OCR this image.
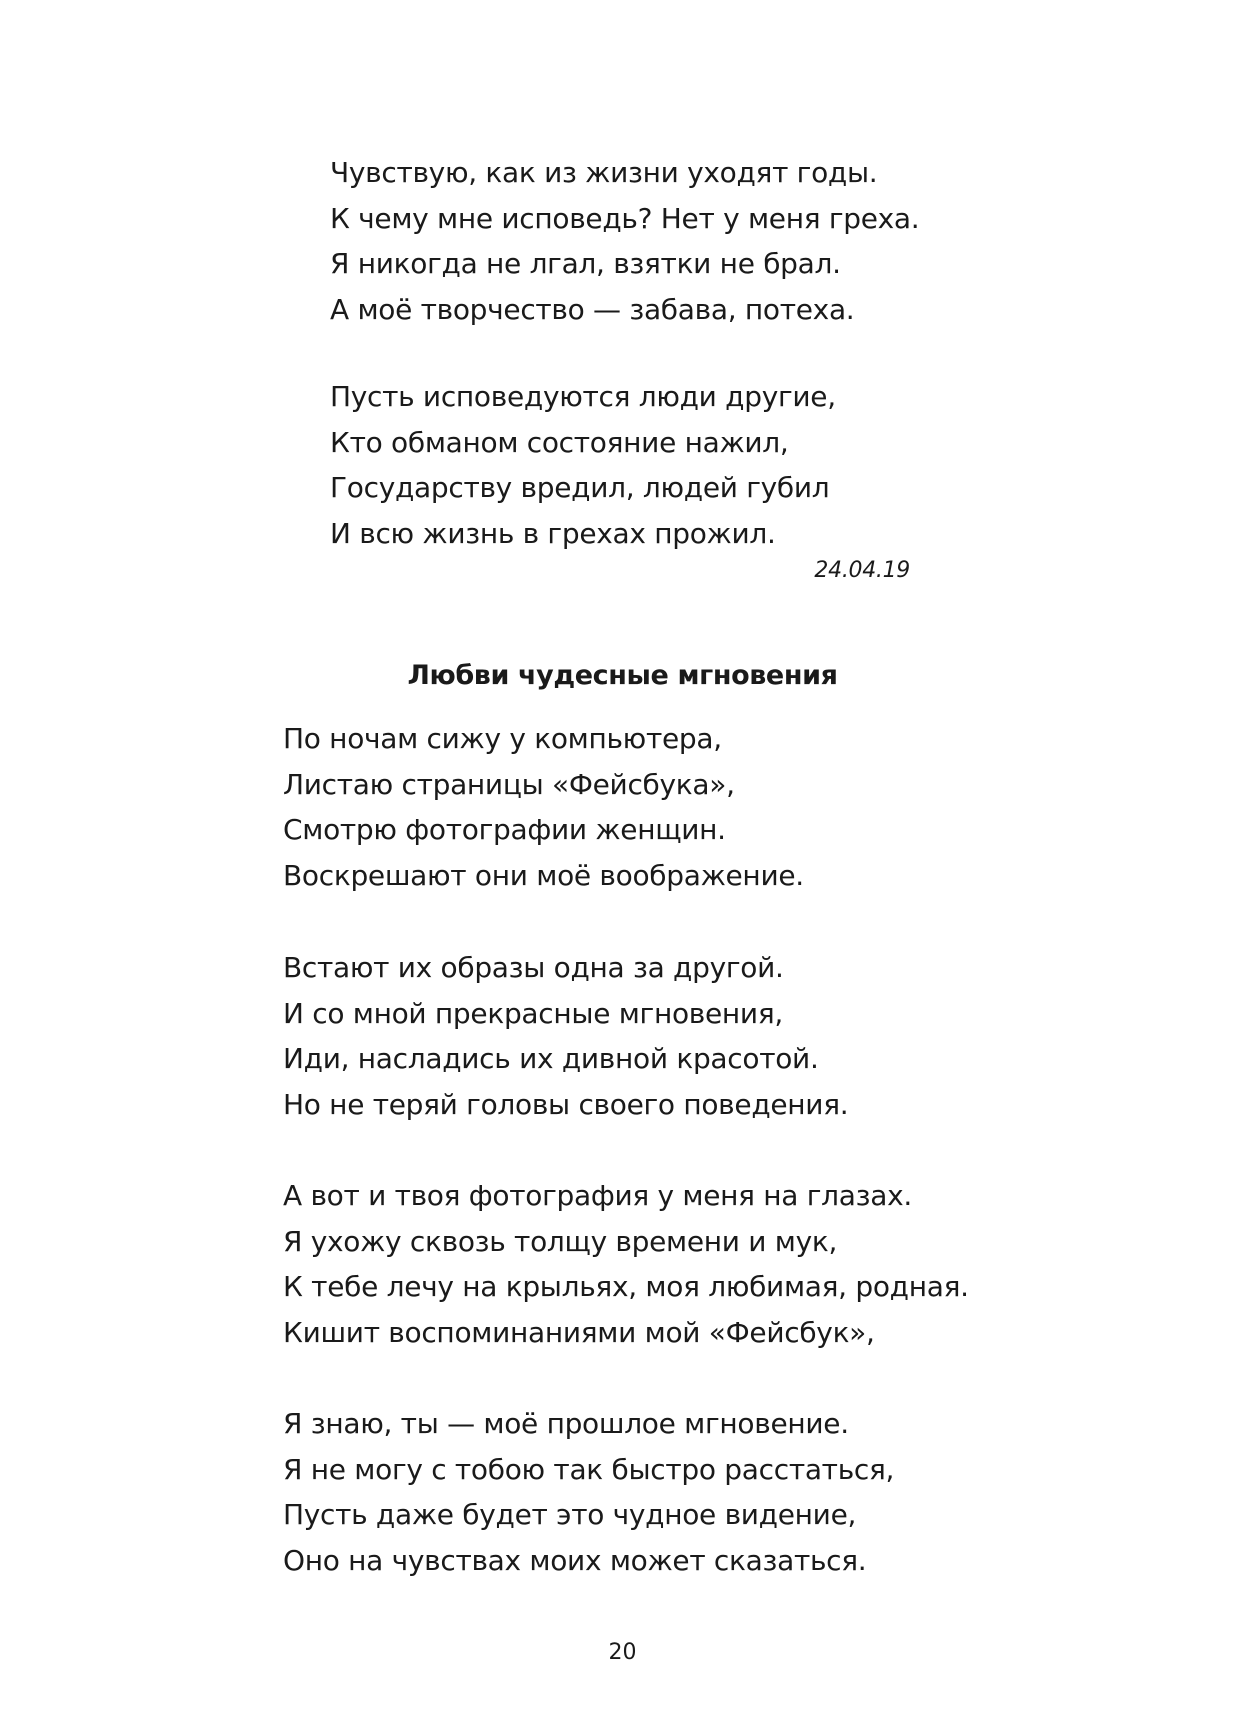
Чувствую, как из жизни уходят годы.
К чему мне исповедь? Нет у меня греха.
Я никогда не лгал, взятки не брал.
А моё творчество — забава, потеха.
Пусть исповедуются люди другие,
Кто обманом состояние нажил,
Государству вредил, людей губил
И всю жизнь в грехах прожил.
24.04.19
Любви чудесные мгновения
По ночам сижу у компьютера,
Листаю страницы «Фейсбука»,
Смотрю фотографии женщин.
Воскрешают они моё воображение.
Встают их образы одна за другой.
И со мной прекрасные мгновения,
Иди, насладись их дивной красотой.
Но не теряй головы своего поведения.
А вот и твоя фотография у меня на глазах.
Я ухожу сквозь толщу времени и мук,
К тебе лечу на крыльях, моя любимая, родная.
Кишит воспоминаниями мой «Фейсбук»,
Я знаю, ты — моё прошлое мгновение.
Я не могу с тобою так быстро расстаться,
Пусть даже будет это чудное видение,
Оно на чувствах моих может сказаться.
20
